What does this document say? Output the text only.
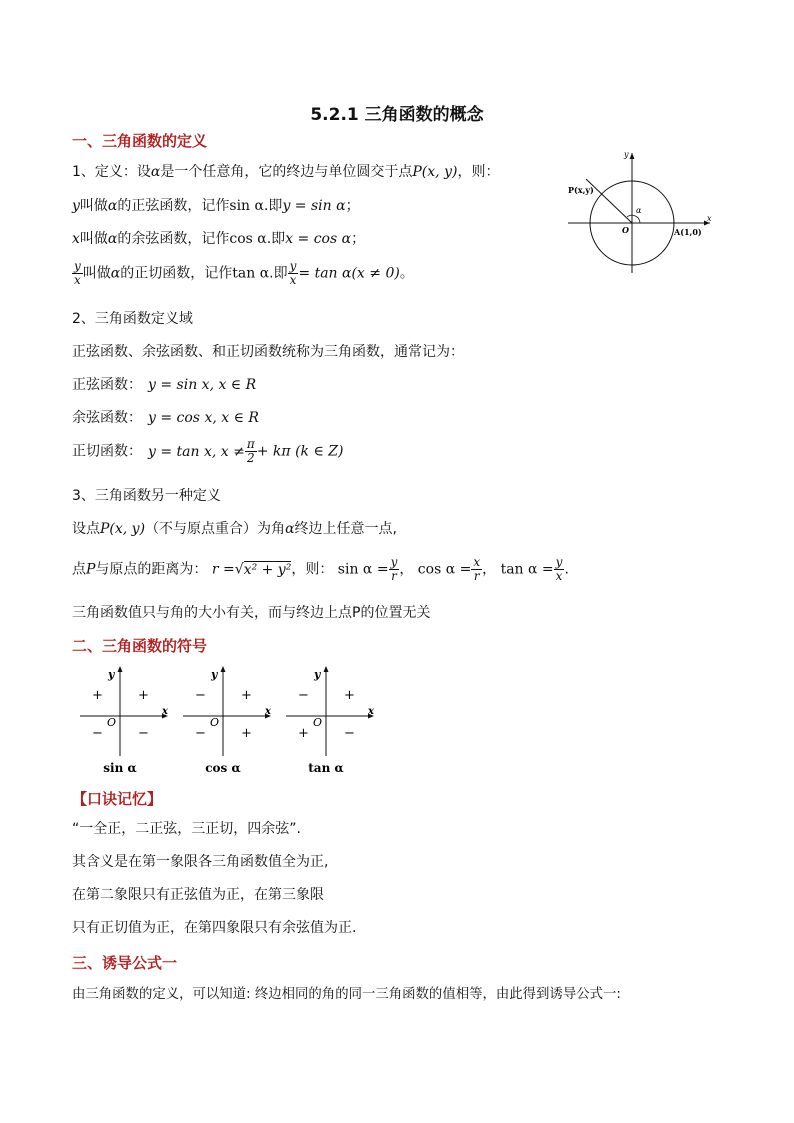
5.2.1 三角函数的概念
一、三角函数的定义
1、定义：设α是一个任意角，它的终边与单位圆交于点P(x, y)，则：
y叫做α的正弦函数，记作sin α.即y = sin α；
x叫做α的余弦函数，记作cos α.即x = cos α；
$\frac{y}{x}$ 叫做α的正切函数，记作tan α.即 $\frac{y}{x} = \tan \alpha(x \ne 0)$。
x
y
O
α
P(x,y)
A(1,0)
2、三角函数定义域
正弦函数、余弦函数、和正切函数统称为三角函数，通常记为：
正弦函数： y = sin x, x ∈ R
余弦函数： y = cos x, x ∈ R
正切函数： y = tan x, $x \ne \frac{\pi}{2} + k\pi$ (k ∈ Z)
3、三角函数另一种定义
设点P(x, y)（不与原点重合）为角α终边上任意一点,
点P与原点的距离为： r =√x² + y²，则： $\sin \alpha = \frac{y}{r}$ ， $\cos \alpha = \frac{x}{r}$ ， $\tan \alpha = \frac{y}{x}$ .
三角函数值只与角的大小有关，而与终边上点P的位置无关
二、三角函数的符号
y
x
O
+
+
−	−
sin α
y
x
O
+
−
−	+
cos α
y
x
O
+
−
+	−
tan α
【口诀记忆】
“一全正，二正弦，三正切，四余弦”.
其含义是在第一象限各三角函数值全为正,
在第二象限只有正弦值为正，在第三象限
只有正切值为正，在第四象限只有余弦值为正.
三、诱导公式一
由三角函数的定义，可以知道: 终边相同的角的同一三角函数的值相等，由此得到诱导公式一:
